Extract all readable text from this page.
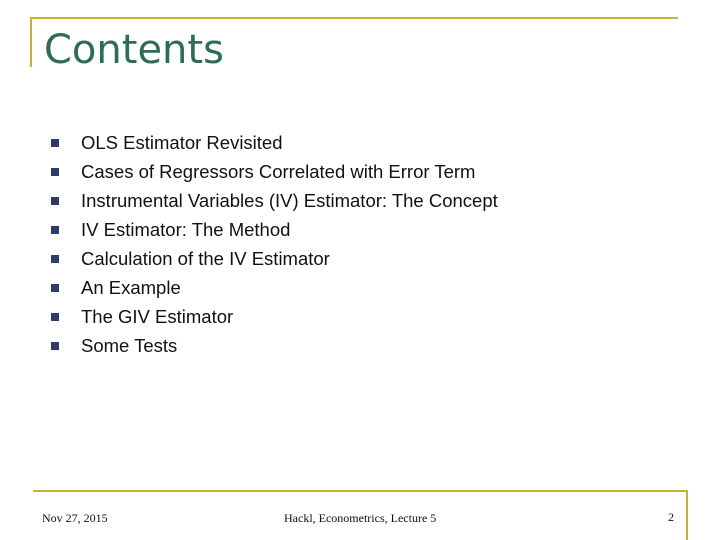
Contents
OLS Estimator Revisited
Cases of Regressors Correlated with Error Term
Instrumental Variables (IV) Estimator: The Concept
IV Estimator: The Method
Calculation of the IV Estimator
An Example
The GIV Estimator
Some Tests
Nov 27, 2015	Hackl, Econometrics, Lecture 5	2
